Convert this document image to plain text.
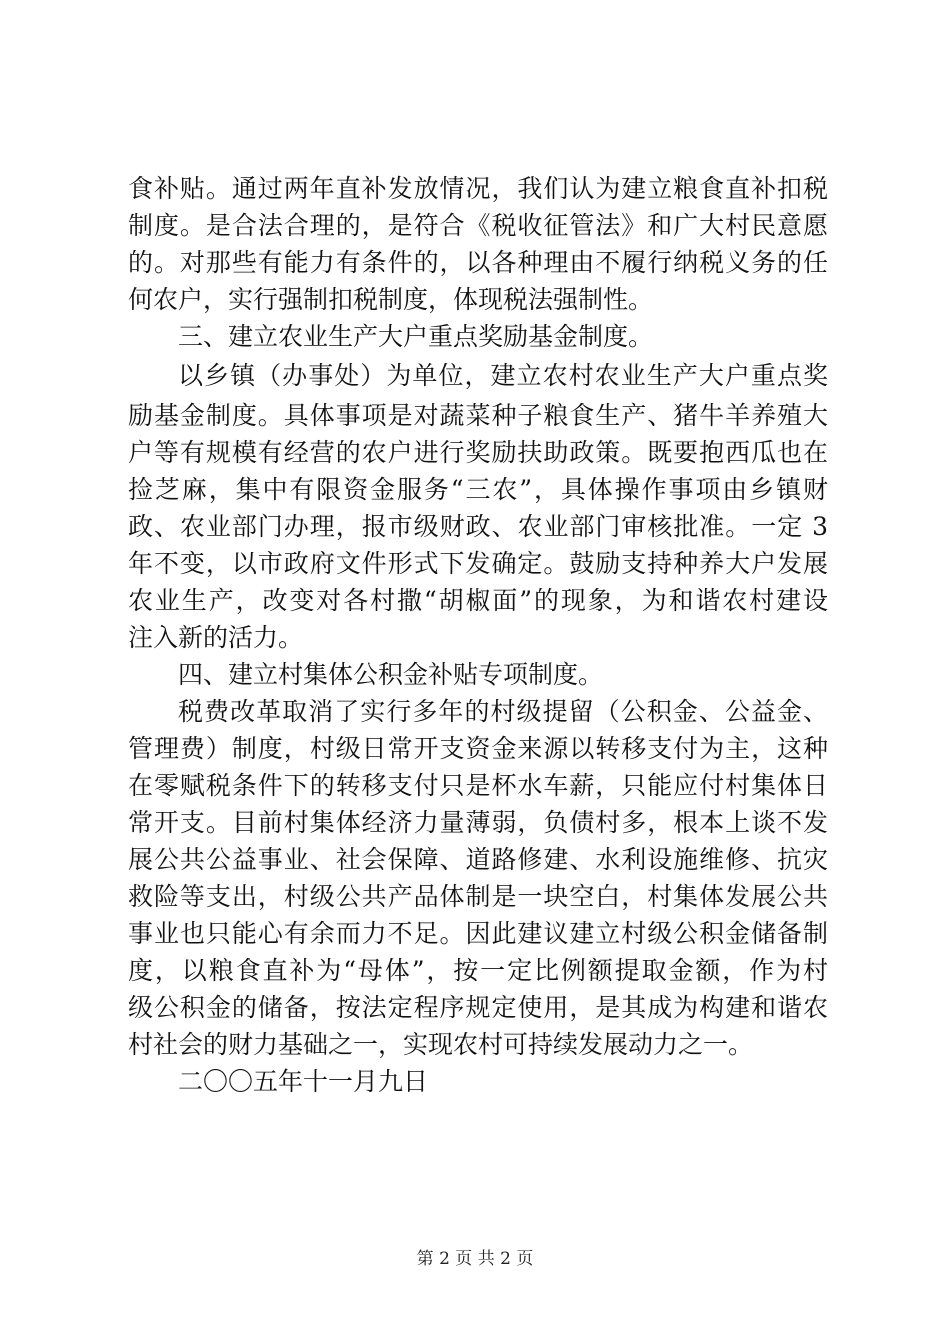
食补贴。通过两年直补发放情况，我们认为建立粮食直补扣税
制度。是合法合理的，是符合《税收征管法》和广大村民意愿
的。对那些有能力有条件的，以各种理由不履行纳税义务的任
何农户，实行强制扣税制度，体现税法强制性。
三、建立农业生产大户重点奖励基金制度。
以乡镇（办事处）为单位，建立农村农业生产大户重点奖
励基金制度。具体事项是对蔬菜种子粮食生产、猪牛羊养殖大
户等有规模有经营的农户进行奖励扶助政策。既要抱西瓜也在
捡芝麻，集中有限资金服务“三农”，具体操作事项由乡镇财
政、农业部门办理，报市级财政、农业部门审核批准。一定 3
年不变，以市政府文件形式下发确定。鼓励支持种养大户发展
农业生产，改变对各村撒“胡椒面”的现象，为和谐农村建设
注入新的活力。
四、建立村集体公积金补贴专项制度。
税费改革取消了实行多年的村级提留（公积金、公益金、
管理费）制度，村级日常开支资金来源以转移支付为主，这种
在零赋税条件下的转移支付只是杯水车薪，只能应付村集体日
常开支。目前村集体经济力量薄弱，负债村多，根本上谈不发
展公共公益事业、社会保障、道路修建、水利设施维修、抗灾
救险等支出，村级公共产品体制是一块空白，村集体发展公共
事业也只能心有余而力不足。因此建议建立村级公积金储备制
度，以粮食直补为“母体”，按一定比例额提取金额，作为村
级公积金的储备，按法定程序规定使用，是其成为构建和谐农
村社会的财力基础之一，实现农村可持续发展动力之一。
二〇〇五年十一月九日
第 2 页 共 2 页
